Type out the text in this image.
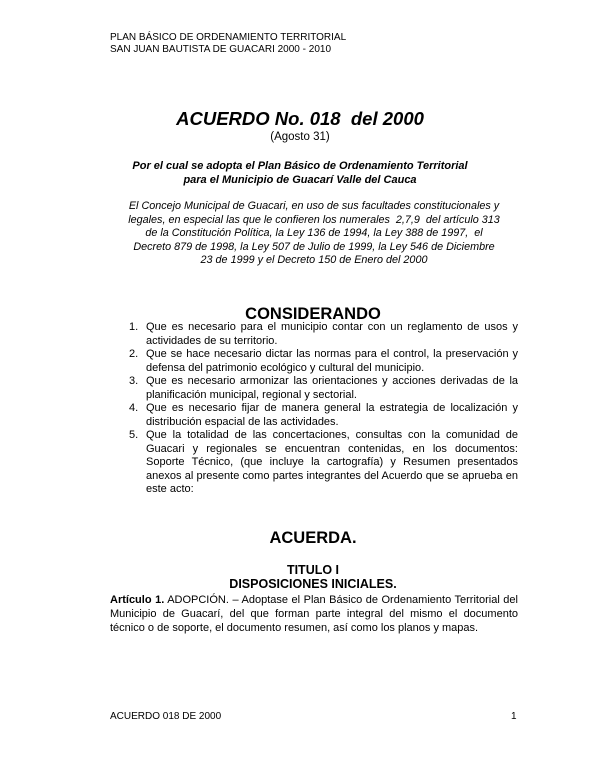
PLAN BÁSICO DE ORDENAMIENTO TERRITORIAL
SAN JUAN BAUTISTA DE GUACARI 2000 - 2010
ACUERDO No. 018  del 2000
(Agosto 31)
Por el cual se adopta el Plan Básico de Ordenamiento Territorial
para el Municipio de Guacarí Valle del Cauca
El Concejo Municipal de Guacari, en uso de sus facultades constitucionales y
legales, en especial las que le confieren los numerales  2,7,9  del artículo 313
de la Constitución Política, la Ley 136 de 1994, la Ley 388 de 1997,  el
Decreto 879 de 1998, la Ley 507 de Julio de 1999, la Ley 546 de Diciembre
23 de 1999 y el Decreto 150 de Enero del 2000
CONSIDERANDO
1. Que es necesario para el municipio contar con un reglamento de usos y actividades de su territorio.
2. Que se hace necesario dictar las normas para el control, la preservación y defensa del patrimonio ecológico y cultural del municipio.
3. Que es necesario armonizar las orientaciones y acciones derivadas de la planificación municipal, regional y sectorial.
4. Que es necesario fijar de manera general la estrategia de localización y distribución espacial de las actividades.
5. Que la totalidad de las concertaciones, consultas con la comunidad de Guacari y regionales se encuentran contenidas, en los documentos: Soporte Técnico, (que incluye la cartografía) y Resumen presentados anexos al presente como partes integrantes del Acuerdo que se aprueba en este acto:
ACUERDA.
TITULO I
DISPOSICIONES INICIALES.
Artículo 1. ADOPCIÓN. – Adoptase el Plan Básico de Ordenamiento Territorial del Municipio de Guacarí, del que forman parte integral del mismo el documento técnico o de soporte, el documento resumen, así como los planos y mapas.
ACUERDO 018 DE 2000	1
